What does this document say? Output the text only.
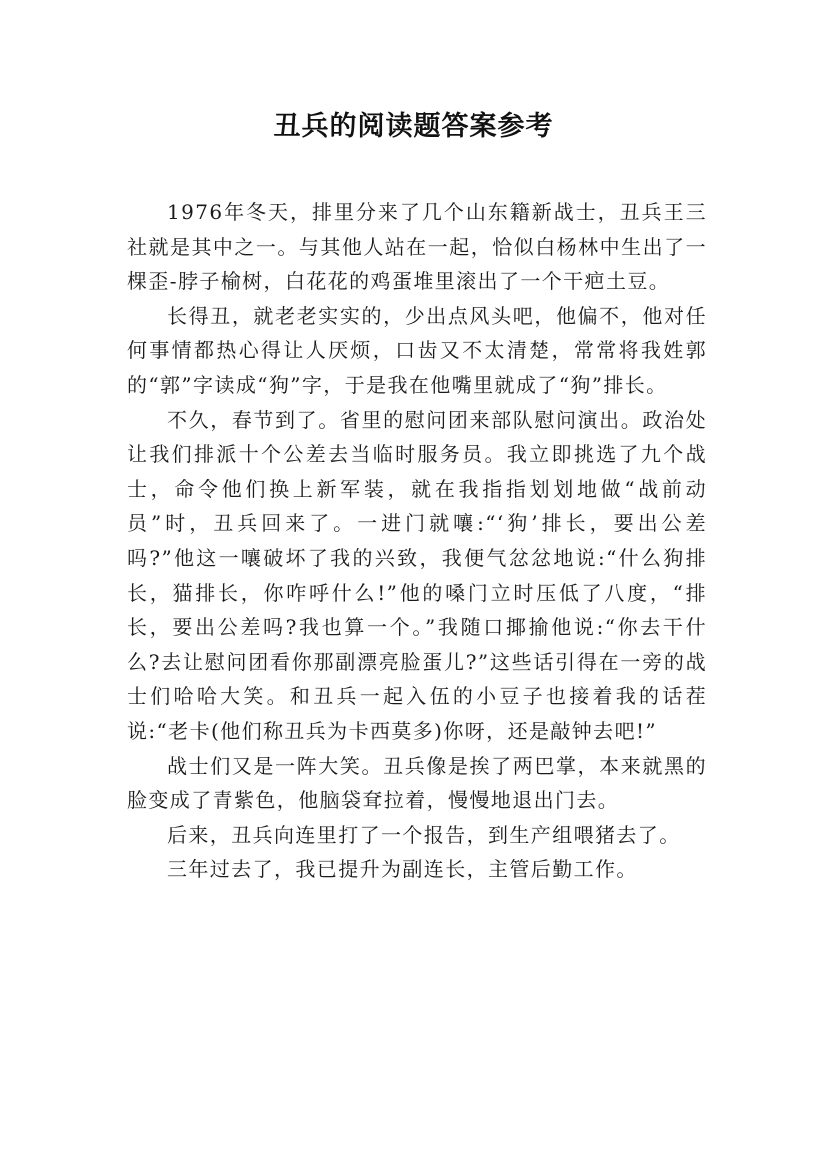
丑兵的阅读题答案参考

1976年冬天，排里分来了几个山东籍新战士，丑兵王三社就是其中之一。与其他人站在一起，恰似白杨林中生出了一棵歪-脖子榆树，白花花的鸡蛋堆里滚出了一个干疤土豆。

长得丑，就老老实实的，少出点风头吧，他偏不，他对任何事情都热心得让人厌烦，口齿又不太清楚，常常将我姓郭的“郭”字读成“狗”字，于是我在他嘴里就成了“狗”排长。

不久，春节到了。省里的慰问团来部队慰问演出。政治处让我们排派十个公差去当临时服务员。我立即挑选了九个战士，命令他们换上新军装，就在我指指划划地做“战前动员”时，丑兵回来了。一进门就嚷:“‘狗’排长，要出公差吗?”他这一嚷破坏了我的兴致，我便气忿忿地说:“什么狗排长，猫排长，你咋呼什么!”他的嗓门立时压低了八度，“排长，要出公差吗?我也算一个。”我随口揶揄他说:“你去干什么?去让慰问团看你那副漂亮脸蛋儿?”这些话引得在一旁的战士们哈哈大笑。和丑兵一起入伍的小豆子也接着我的话茬说:“老卡(他们称丑兵为卡西莫多)你呀，还是敲钟去吧!”

战士们又是一阵大笑。丑兵像是挨了两巴掌，本来就黑的脸变成了青紫色，他脑袋耷拉着，慢慢地退出门去。

后来，丑兵向连里打了一个报告，到生产组喂猪去了。

三年过去了，我已提升为副连长，主管后勤工作。
